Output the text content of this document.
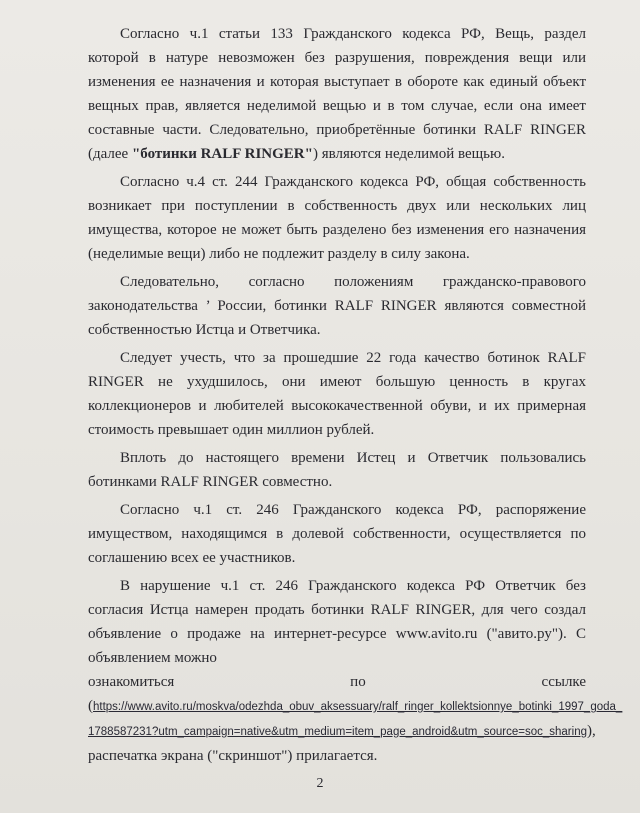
Согласно ч.1 статьи 133 Гражданского кодекса РФ, Вещь, раздел которой в натуре невозможен без разрушения, повреждения вещи или изменения ее назначения и которая выступает в обороте как единый объект вещных прав, является неделимой вещью и в том случае, если она имеет составные части. Следовательно, приобретённые ботинки RALF RINGER (далее "ботинки RALF RINGER") являются неделимой вещью.

Согласно ч.4 ст. 244 Гражданского кодекса РФ, общая собственность возникает при поступлении в собственность двух или нескольких лиц имущества, которое не может быть разделено без изменения его назначения (неделимые вещи) либо не подлежит разделу в силу закона.

Следовательно, согласно положениям гражданско-правового
законодательства ’ России, ботинки RALF RINGER являются совместной собственностью Истца и Ответчика.

Следует учесть, что за прошедшие 22 года качество ботинок RALF RINGER не ухудшилось, они имеют большую ценность в кругах коллекционеров и любителей высококачественной обуви, и их примерная стоимость превышает один миллион рублей.

Вплоть до настоящего времени Истец и Ответчик пользовались ботинками RALF RINGER совместно.

Согласно ч.1 ст. 246 Гражданского кодекса РФ, распоряжение имуществом, находящимся в долевой собственности, осуществляется по соглашению всех ее участников.

В нарушение ч.1 ст. 246 Гражданского кодекса РФ Ответчик без согласия Истца намерен продать ботинки RALF RINGER, для чего создал объявление о продаже на интернет-ресурсе www.avito.ru ("авито.ру"). С объявлением можно
ознакомиться	по	ссылке
(https://www.avito.ru/moskva/odezhda_obuv_aksessuary/ralf_ringer_kollektsionnye_botinki_1997_goda_
1788587231?utm_campaign=native&utm_medium=item_page_android&utm_source=soc_sharing),
распечатка экрана ("скриншот") прилагается.
2
